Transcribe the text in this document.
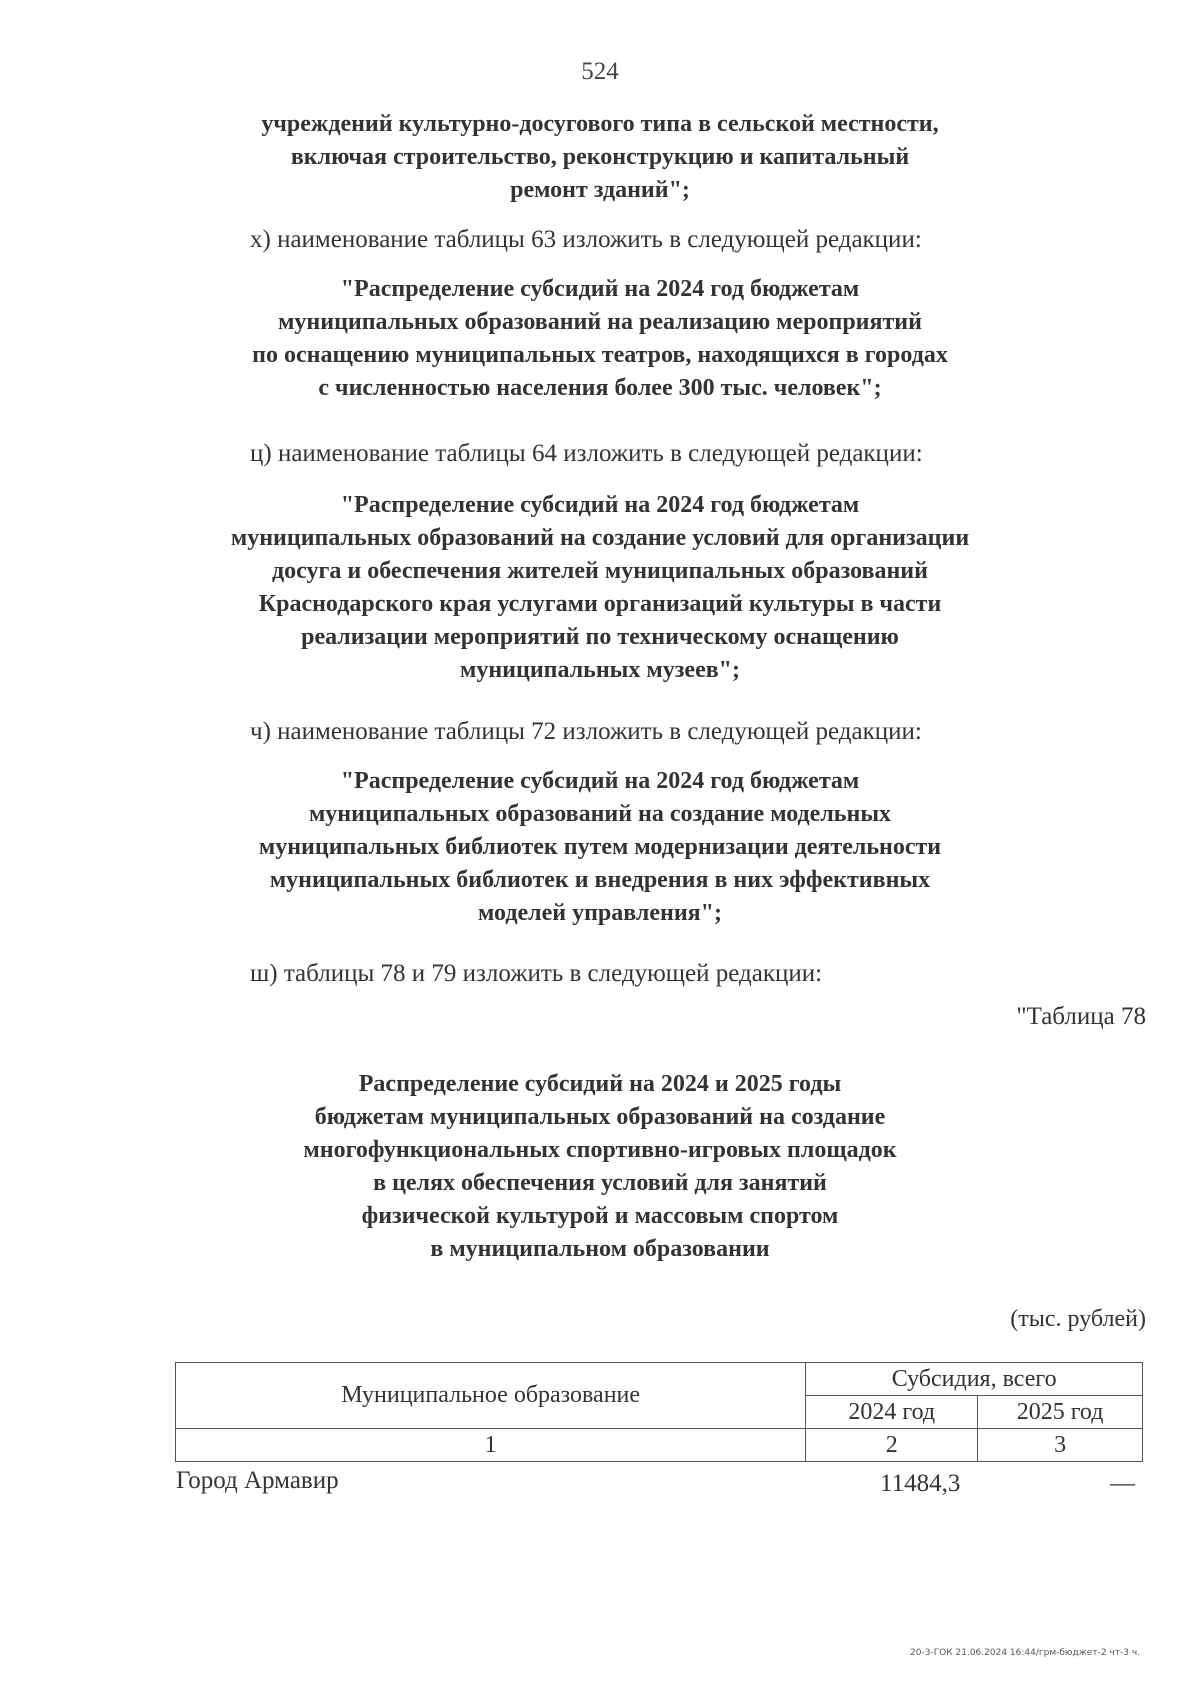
524
учреждений культурно-досугового типа в сельской местности,
включая строительство, реконструкцию и капитальный
ремонт зданий";
х) наименование таблицы 63 изложить в следующей редакции:
"Распределение субсидий на 2024 год бюджетам
муниципальных образований на реализацию мероприятий
по оснащению муниципальных театров, находящихся в городах
с численностью населения более 300 тыс. человек";
ц) наименование таблицы 64 изложить в следующей редакции:
"Распределение субсидий на 2024 год бюджетам
муниципальных образований на создание условий для организации
досуга и обеспечения жителей муниципальных образований
Краснодарского края услугами организаций культуры в части
реализации мероприятий по техническому оснащению
муниципальных музеев";
ч) наименование таблицы 72 изложить в следующей редакции:
"Распределение субсидий на 2024 год бюджетам
муниципальных образований на создание модельных
муниципальных библиотек путем модернизации деятельности
муниципальных библиотек и внедрения в них эффективных
моделей управления";
ш) таблицы 78 и 79 изложить в следующей редакции:
"Таблица 78
Распределение субсидий на 2024 и 2025 годы
бюджетам муниципальных образований на создание
многофункциональных спортивно-игровых площадок
в целях обеспечения условий для занятий
физической культурой и массовым спортом
в муниципальном образовании
(тыс. рублей)
Муниципальное образование	Субсидия, всего	
	2024 год	2025 год
1	2	3
Город Армавир	11484,3	—
20-3-ГОК 21.06.2024 16:44/грм-бюджет-2 чт-3 ч.
